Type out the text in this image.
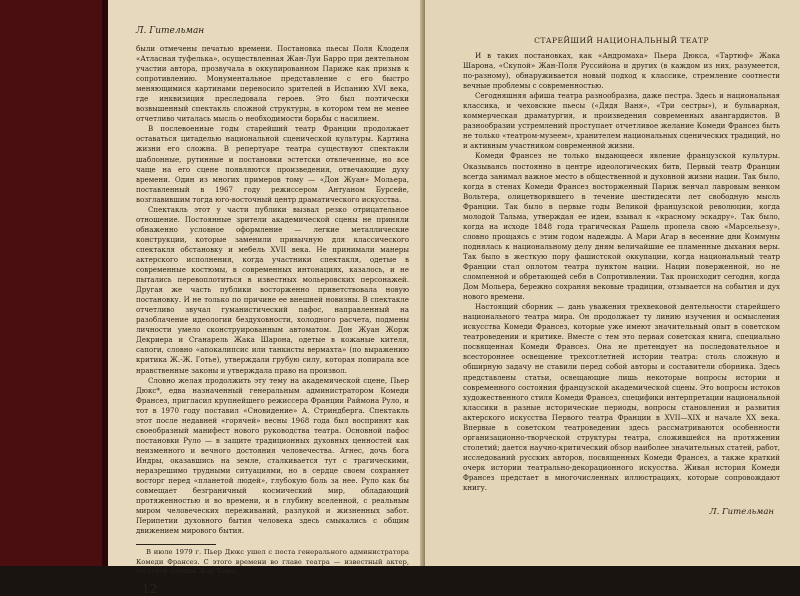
Л. Гительман

были отмечены печатью времени. Постановка пьесы Поля Клоделя «Атласная туфелька», осуществленная Жан-Луи Барро при деятельном участии автора, прозвучала в оккупированном Париже как призыв к сопротивлению. Монументальное представление с его быстро меняющимися картинами переносило зрителей в Испанию XVI века, где инквизиция преследовала героев. Это был поэтически возвышенный спектакль сложной структуры, в котором тем не менее отчетливо читалась мысль о необходимости борьбы с насилием.

В послевоенные годы старейший театр Франции продолжает оставаться цитаделью национальной сценической культуры. Картина жизни его сложна. В репертуаре театра существуют спектакли шаблонные, рутинные и постановки эстетски отвлеченные, но все чаще на его сцене появляются произведения, отвечающие духу времени. Один из многих примеров тому — «Дон Жуан» Мольера, поставленный в 1967 году режиссером Антуаном Бурсейе, возглавившим тогда юго-восточный центр драматического искусства.

Спектакль этот у части публики вызвал резко отрицательное отношение. Постоянные зрители академической сцены не приняли обнаженно условное оформление — легкие металлические конструкции, которые заменили привычную для классического спектакля обстановку и мебель XVII века. Не принимали манеры актерского исполнения, когда участники спектакля, одетые в современные костюмы, в современных интонациях, казалось, и не пытались перевоплотиться в известных мольеровских персонажей. Другая же часть публики восторженно приветствовала новую постановку. И не только по причине ее внешней новизны. В спектакле отчетливо звучал гуманистический пафос, направленный на разоблачение идеологии бездуховности, холодного расчета, подмены личности умело сконструированным автоматом. Дон Жуан Жорж Декриера и Сганарель Жака Шарона, одетые в кожаные кителя, сапоги, словно «апокалипсис или танкисты вермахта» (по выражению критика Ж.-Ж. Готье), утверждали грубую силу, которая попирала все нравственные законы и утверждала право на произвол.

Словно желая продолжить эту тему на академической сцене, Пьер Дюкс*, едва назначенный генеральным администратором Комеди Франсез, пригласил крупнейшего режиссера Франции Раймона Руло, и тот в 1970 году поставил «Сновидение» А. Стриндберга. Спектакль этот после недавней «горячей» весны 1968 года был воспринят как своеобразный манифест нового руководства театра. Основной пафос постановки Руло — в защите традиционных духовных ценностей как неизменного и вечного достояния человечества. Агнес, дочь бога Индры, оказавшись на земле, сталкивается тут с трагическими, неразрешимо трудными ситуациями, но в сердце своем сохраняет восторг перед «планетой людей», глубокую боль за нее. Руло как бы совмещает безграничный космический мир, обладающий протяженностью и во времени, и в глубину вселенной, с реальным миром человеческих переживаний, разлукой и жизненных забот. Перипетии духовного бытия человека здесь смыкались с общим движением мирового бытия.

В июле 1979 г. Пьер Дюкс ушел с поста генерального администратора Комеди Франсез. С этого времени во главе театра — известный актер, сосьетер труппы Жак Тожа.

12
СТАРЕЙШИЙ НАЦИОНАЛЬНЫЙ ТЕАТР

И в таких постановках, как «Андромаха» Пьера Дюкса, «Тартюф» Жака Шарона, «Скупой» Жан-Поля Руссийона и других (в каждом из них, разумеется, по-разному), обнаруживается новый подход к классике, стремление соотнести вечные проблемы с современностью.

Сегодняшняя афиша театра разнообразна, даже пестра. Здесь и национальная классика, и чеховские пьесы («Дядя Ваня», «Три сестры»), и бульварная, коммерческая драматургия, и произведения современных авангардистов. В разнообразии устремлений проступает отчетливое желание Комеди Франсез быть не только «театром-музеем», хранителем национальных сценических традиций, но и активным участником современной жизни.

Комеди Франсез не только выдающееся явление французской культуры. Оказываясь постоянно в центре идеологических битв, Первый театр Франции всегда занимал важное место в общественной и духовной жизни нации. Так было, когда в стенах Комеди Франсез восторженный Париж венчал лавровым венком Вольтера, олицетворявшего в течение шестидесяти лет свободную мысль Франции. Так было в первые годы Великой французской революции, когда молодой Тальма, утверждая ее идеи, взывал к «красному эскадру». Так было, когда на исходе 1848 года трагическая Рашель пропела свою «Марсельезу», словно прощаясь с этим годом надежды. А Мари Агар в весенние дни Коммуны поднялась к национальному делу дням величайшие ее пламенные дыхания веры. Так было в жесткую пору фашистской оккупации, когда национальный театр Франции стал оплотом театра пунктом нации. Нации поверженной, но не сломленной и обретающей себя в Сопротивлении. Так происходит сегодня, когда Дом Мольера, бережно сохраняя вековые традиции, отзывается на события и дух нового времени.

Настоящий сборник — дань уважения трехвековой деятельности старейшего национального театра мира. Он продолжает ту линию изучения и осмысления искусства Комеди Франсез, которые уже имеют значительный опыт в советском театроведении и критике. Вместе с тем это первая советская книга, специально посвященная Комеди Франсез. Она не претендует на последовательное и всестороннее освещение трехсотлетней истории театра: столь сложную и обширную задачу не ставили перед собой авторы и составители сборника. Здесь представлены статьи, освещающие лишь некоторые вопросы истории и современного состояния французской академической сцены. Это вопросы истоков художественного стиля Комеди Франсез, специфики интерпретации национальной классики в разные исторические периоды, вопросы становления и развития актерского искусства Первого театра Франции в XVII—XIX и начале XX века. Впервые в советском театроведении здесь рассматриваются особенности организационно-творческой структуры театра, сложившейся на протяжении столетий; дается научно-критический обзор наиболее значительных статей, работ, исследований русских авторов, посвященных Комеди Франсез, а также краткий очерк истории театрально-декорационного искусства. Живая история Комеди Франсез предстает в многочисленных иллюстрациях, которые сопровождают книгу.

Л. Гительман
